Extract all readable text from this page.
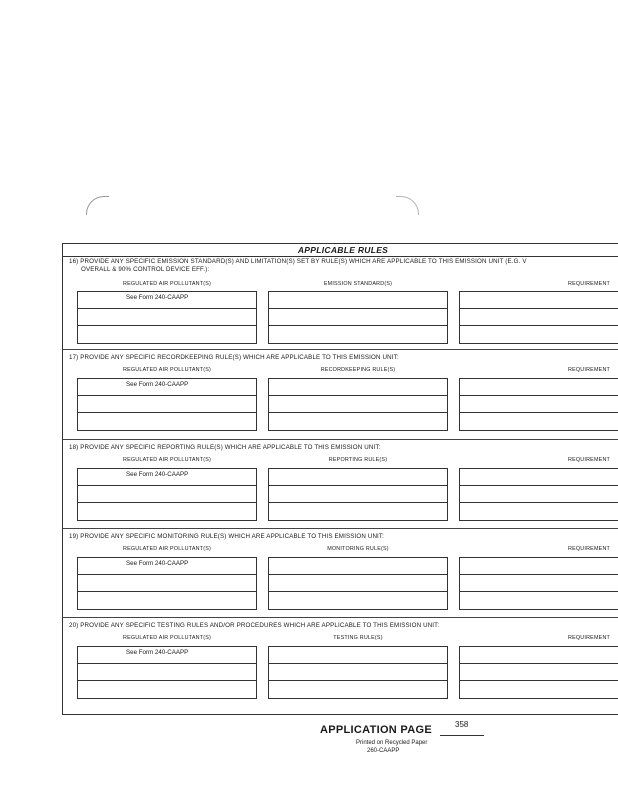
APPLICABLE RULES
16) PROVIDE ANY SPECIFIC EMISSION STANDARD(S) AND LIMITATION(S) SET BY RULE(S) WHICH ARE APPLICABLE TO THIS EMISSION UNIT (E.G. V
OVERALL & 90% CONTROL DEVICE EFF.):
REGULATED AIR POLLUTANT(S)	EMISSION STANDARD(S)	REQUIREMENT
See Form 240-CAAPP
17) PROVIDE ANY SPECIFIC RECORDKEEPING RULE(S) WHICH ARE APPLICABLE TO THIS EMISSION UNIT:
REGULATED AIR POLLUTANT(S)	RECORDKEEPING RULE(S)	REQUIREMENT
See Form 240-CAAPP
18) PROVIDE ANY SPECIFIC REPORTING RULE(S) WHICH ARE APPLICABLE TO THIS EMISSION UNIT:
REGULATED AIR POLLUTANT(S)	REPORTING RULE(S)	REQUIREMENT
See Form 240-CAAPP
19) PROVIDE ANY SPECIFIC MONITORING RULE(S) WHICH ARE APPLICABLE TO THIS EMISSION UNIT:
REGULATED AIR POLLUTANT(S)	MONITORING RULE(S)	REQUIREMENT
See Form 240-CAAPP
20) PROVIDE ANY SPECIFIC TESTING RULES AND/OR PROCEDURES WHICH ARE APPLICABLE TO THIS EMISSION UNIT:
REGULATED AIR POLLUTANT(S)	TESTING RULE(S)	REQUIREMENT
See Form 240-CAAPP
APPLICATION PAGE	358
Printed on Recycled Paper
260-CAAPP
